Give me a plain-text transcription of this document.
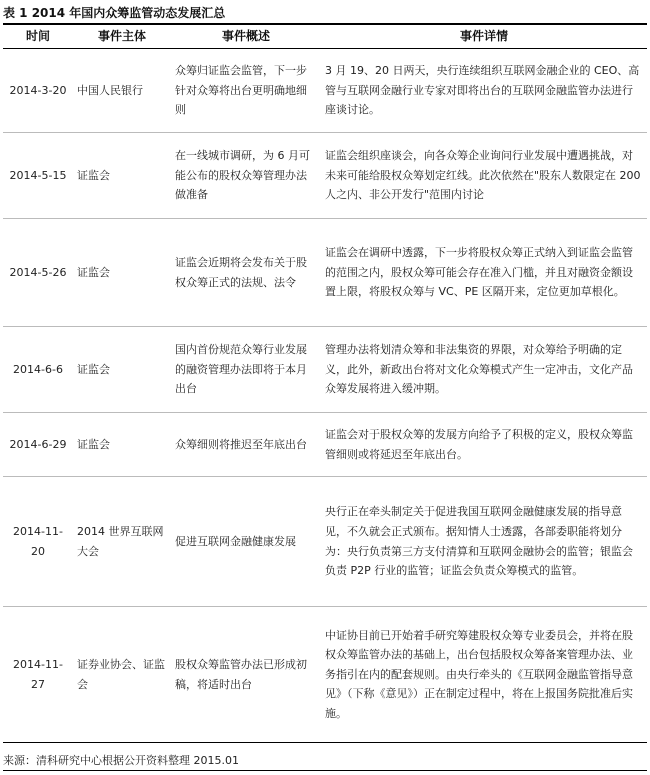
表 1 2014 年国内众筹监管动态发展汇总
时间	事件主体	事件概述	事件详情
2014-3-20	中国人民银行	众筹归证监会监管，下一步针对众筹将出台更明确地细则	3 月 19、20 日两天，央行连续组织互联网金融企业的 CEO、高管与互联网金融行业专家对即将出台的互联网金融监管办法进行座谈讨论。
2014-5-15	证监会	在一线城市调研，为 6 月可能公布的股权众筹管理办法做准备	证监会组织座谈会，向各众筹企业询问行业发展中遭遇挑战，对未来可能给股权众筹划定红线。此次依然在"股东人数限定在 200 人之内、非公开发行"范围内讨论
2014-5-26	证监会	证监会近期将会发布关于股权众筹正式的法规、法令	证监会在调研中透露，下一步将股权众筹正式纳入到证监会监管的范围之内，股权众筹可能会存在准入门槛，并且对融资金额设置上限，将股权众筹与 VC、PE 区隔开来，定位更加草根化。
2014-6-6	证监会	国内首份规范众筹行业发展的融资管理办法即将于本月出台	管理办法将划清众筹和非法集资的界限，对众筹给予明确的定义，此外，新政出台将对文化众筹模式产生一定冲击，文化产品众筹发展将进入缓冲期。
2014-6-29	证监会	众筹细则将推迟至年底出台	证监会对于股权众筹的发展方向给予了积极的定义，股权众筹监管细则或将延迟至年底出台。
2014-11-20	2014 世界互联网大会	促进互联网金融健康发展	央行正在牵头制定关于促进我国互联网金融健康发展的指导意见，不久就会正式颁布。据知情人士透露，各部委职能将划分为：央行负责第三方支付清算和互联网金融协会的监管；银监会负责 P2P 行业的监管；证监会负责众筹模式的监管。
2014-11-27	证券业协会、证监会	股权众筹监管办法已形成初稿，将适时出台	中证协目前已开始着手研究筹建股权众筹专业委员会，并将在股权众筹监管办法的基础上，出台包括股权众筹备案管理办法、业务指引在内的配套规则。由央行牵头的《互联网金融监管指导意见》（下称《意见》）正在制定过程中，将在上报国务院批准后实施。
来源：清科研究中心根据公开资料整理 2015.01
